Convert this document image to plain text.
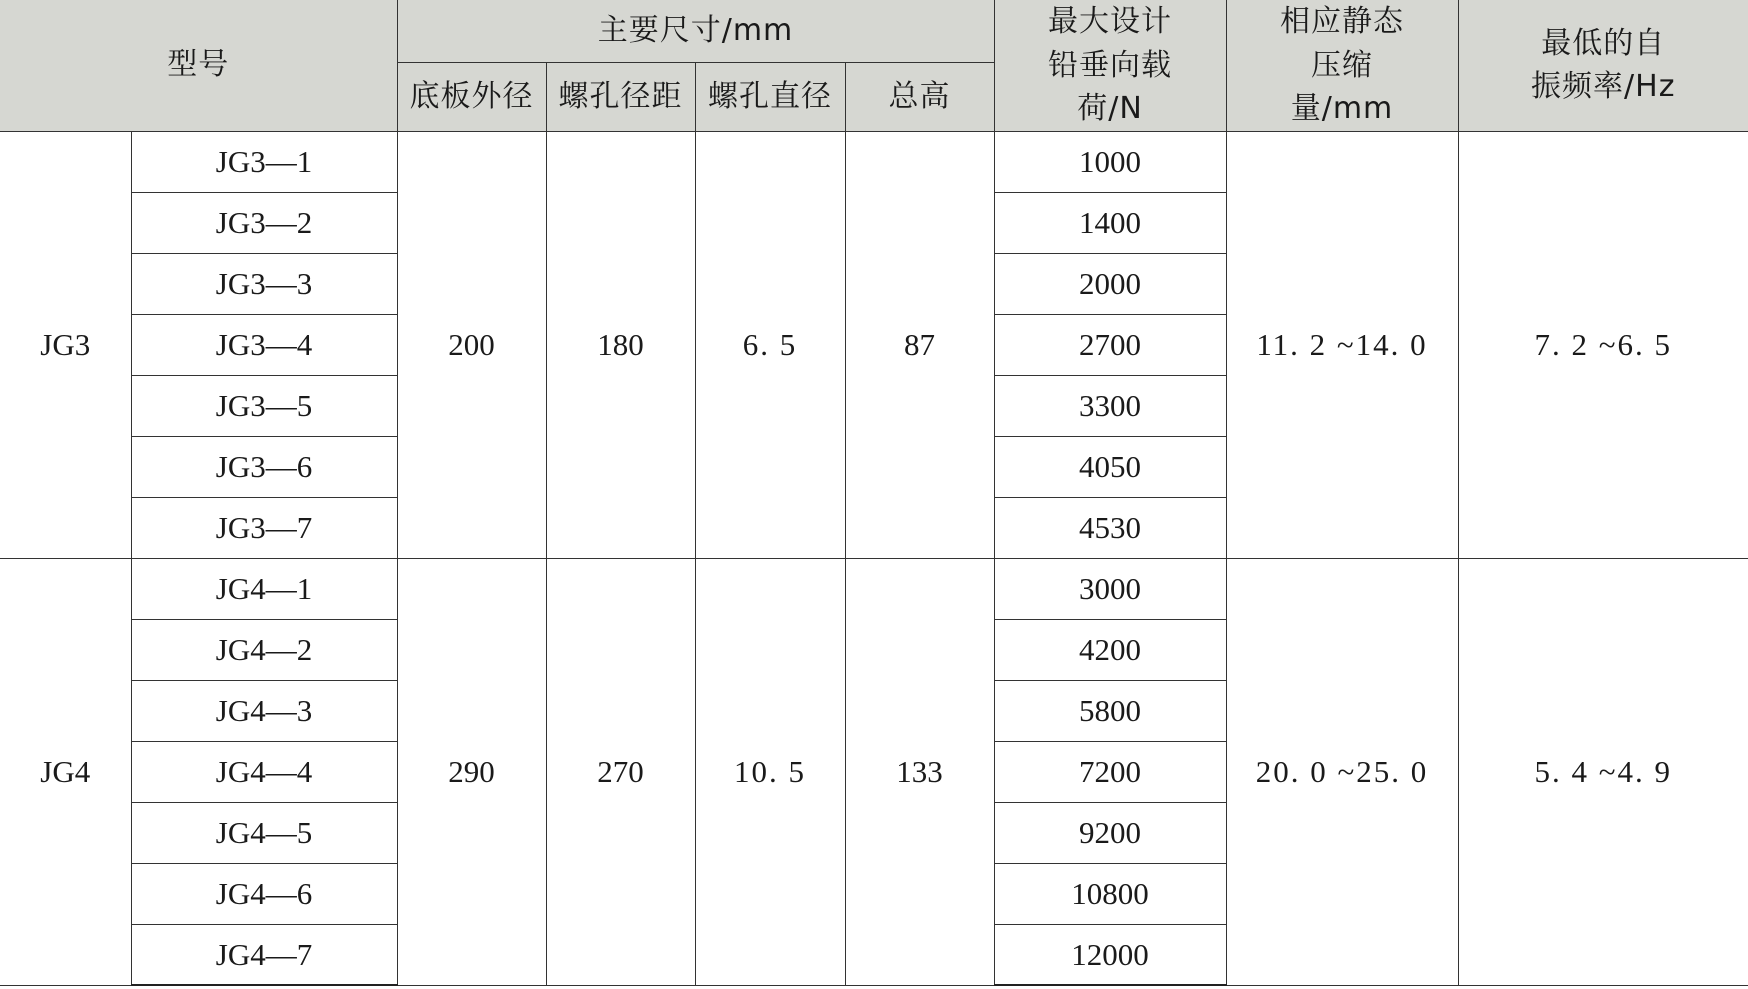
型号		主要尺寸/mm				最大设计铅垂向载荷/N	相应静态压缩量/mm	最低的自振频率/Hz
		底板外径	螺孔径距	螺孔直径	总高			
JG3	JG3—1	200	180	6. 5	87	1000	11. 2 ~14. 0	7. 2 ~6. 5
	JG3—2					1400		
	JG3—3					2000		
	JG3—4					2700		
	JG3—5					3300		
	JG3—6					4050		
	JG3—7					4530		
JG4	JG4—1	290	270	10. 5	133	3000	20. 0 ~25. 0	5. 4 ~4. 9
	JG4—2					4200		
	JG4—3					5800		
	JG4—4					7200		
	JG4—5					9200		
	JG4—6					10800		
	JG4—7					12000		
